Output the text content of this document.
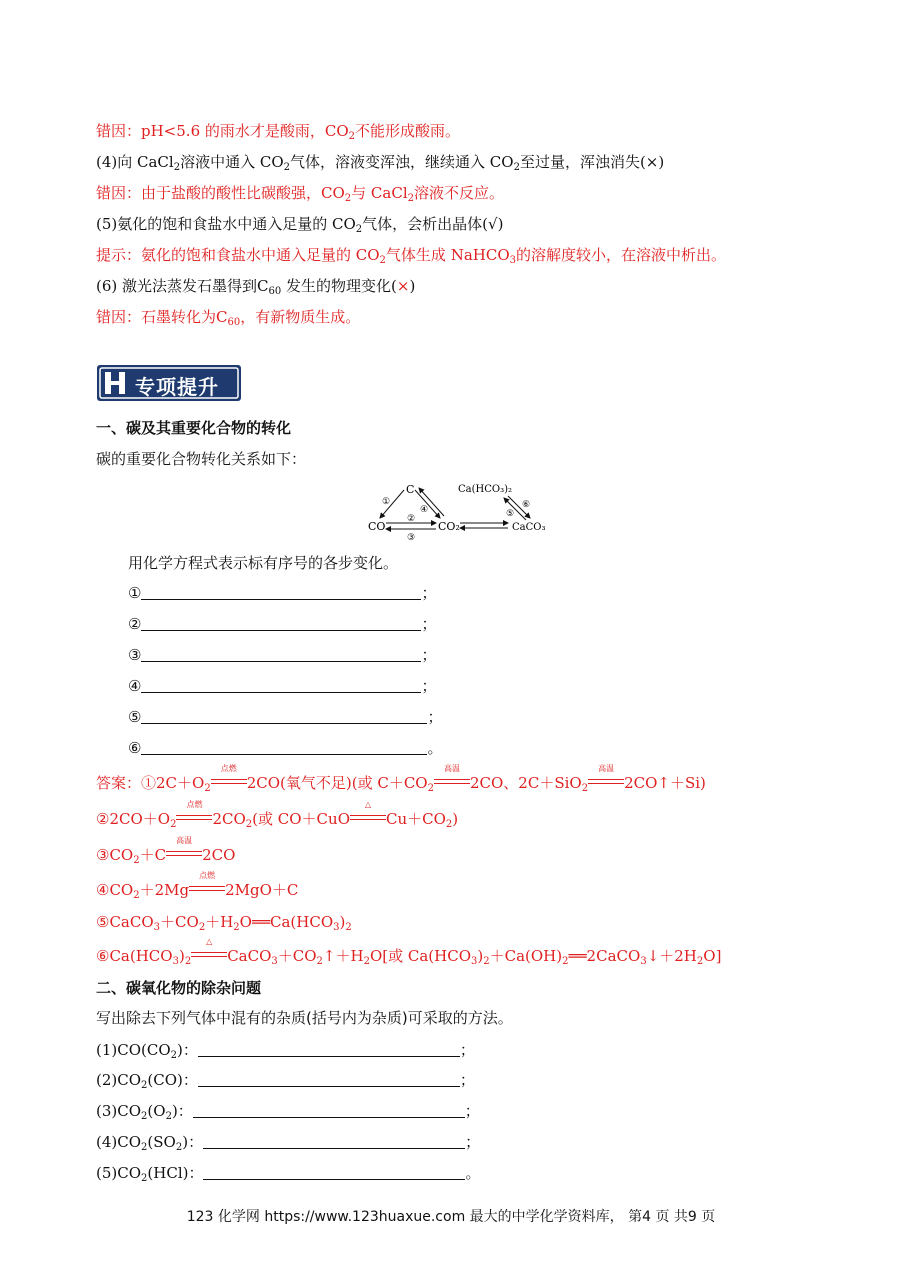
错因：pH<5.6 的雨水才是酸雨，$CO_2$不能形成酸雨。
(4)向 CaCl$_2$溶液中通入 $CO_2$气体，溶液变浑浊，继续通入 $CO_2$至过量，浑浊消失(×)
错因：由于盐酸的酸性比碳酸强，$CO_2$与 CaCl$_2$溶液不反应。
(5)氨化的饱和食盐水中通入足量的 $CO_2$气体，会析出晶体(√)
提示：氨化的饱和食盐水中通入足量的 $CO_2$气体生成 NaHCO$_3$的溶解度较小，在溶液中析出。
(6) 激光法蒸发石墨得到$C_{60}$ 发生的物理变化(×)
错因：石墨转化为$C_{60}$，有新物质生成。
专项提升
一、碳及其重要化合物的转化
碳的重要化合物转化关系如下：
C
CO	CO₂
Ca(HCO₃)₂
CaCO₃
①
④
②
③
⑥
⑤
用化学方程式表示标有序号的各步变化。
①	；
②	；
③	；
④	；
⑤	；
⑥	。
答案：$①2C+O_2$
点燃
2CO(氧气不足)(或 $C+CO_2$
高温
2CO、2C＋SiO$_2$
高温
2CO↑＋Si)
$②2CO+O_2$
点燃
$2CO_2$(或 CO＋CuO
△
$Cu+CO_2$)
$③CO_2+C$
高温
2CO
$④CO_2+2Mg$
点燃
2MgO＋C
$⑤CaCO_3+CO_2+H_2O══Ca(HCO_3)_2$
$⑥Ca(HCO_3)_2$
△
$CaCO_3+CO_2↑+H_2O$[或 $Ca(HCO_3)_2+Ca(OH)_2══2CaCO_3↓+2H_2O$]
二、碳氧化物的除杂问题
写出除去下列气体中混有的杂质(括号内为杂质)可采取的方法。
$(1)CO(CO_2)$：	；
$(2)CO_2(CO)$：	；
$(3)CO_2(O_2)$：	；
$(4)CO_2(SO_2)$：	；
$(5)CO_2(HCl)$：	。
123 化学网 https://www.123huaxue.com 最大的中学化学资料库， 第4 页 共9 页
